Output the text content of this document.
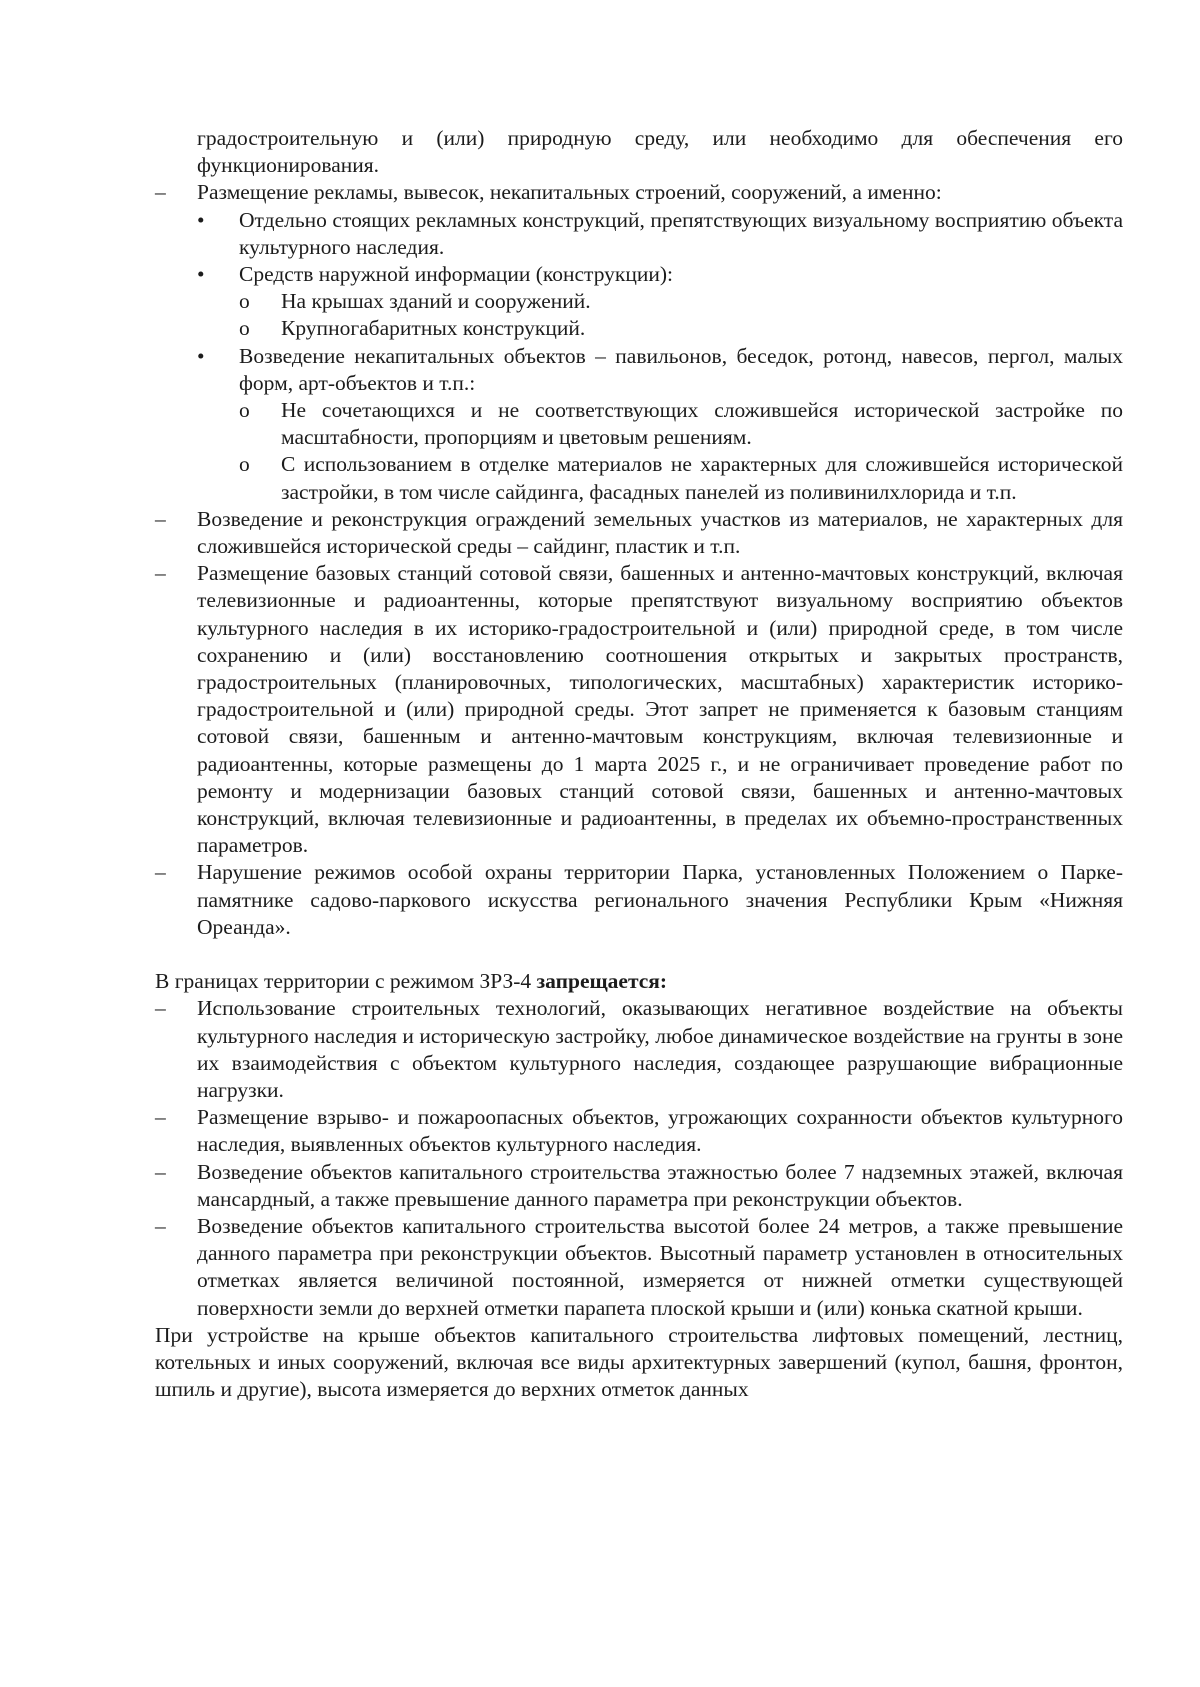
градостроительную и (или) природную среду, или необходимо для обеспечения его функционирования.

– Размещение рекламы, вывесок, некапитальных строений, сооружений, а именно:
• Отдельно стоящих рекламных конструкций, препятствующих визуальному восприятию объекта культурного наследия.
• Средств наружной информации (конструкции):
o На крышах зданий и сооружений.
o Крупногабаритных конструкций.
• Возведение некапитальных объектов – павильонов, беседок, ротонд, навесов, пергол, малых форм, арт-объектов и т.п.:
o Не сочетающихся и не соответствующих сложившейся исторической застройке по масштабности, пропорциям и цветовым решениям.
o С использованием в отделке материалов не характерных для сложившейся исторической застройки, в том числе сайдинга, фасадных панелей из поливинилхлорида и т.п.
– Возведение и реконструкция ограждений земельных участков из материалов, не характерных для сложившейся исторической среды – сайдинг, пластик и т.п.
– Размещение базовых станций сотовой связи, башенных и антенно-мачтовых конструкций, включая телевизионные и радиоантенны, которые препятствуют визуальному восприятию объектов культурного наследия в их историко-градостроительной и (или) природной среде, в том числе сохранению и (или) восстановлению соотношения открытых и закрытых пространств, градостроительных (планировочных, типологических, масштабных) характеристик историко-градостроительной и (или) природной среды. Этот запрет не применяется к базовым станциям сотовой связи, башенным и антенно-мачтовым конструкциям, включая телевизионные и радиоантенны, которые размещены до 1 марта 2025 г., и не ограничивает проведение работ по ремонту и модернизации базовых станций сотовой связи, башенных и антенно-мачтовых конструкций, включая телевизионные и радиоантенны, в пределах их объемно-пространственных параметров.
– Нарушение режимов особой охраны территории Парка, установленных Положением о Парке-памятнике садово-паркового искусства регионального значения Республики Крым «Нижняя Ореанда».

В границах территории с режимом ЗРЗ-4 запрещается:

– Использование строительных технологий, оказывающих негативное воздействие на объекты культурного наследия и историческую застройку, любое динамическое воздействие на грунты в зоне их взаимодействия с объектом культурного наследия, создающее разрушающие вибрационные нагрузки.
– Размещение взрыво- и пожароопасных объектов, угрожающих сохранности объектов культурного наследия, выявленных объектов культурного наследия.
– Возведение объектов капитального строительства этажностью более 7 надземных этажей, включая мансардный, а также превышение данного параметра при реконструкции объектов.
– Возведение объектов капитального строительства высотой более 24 метров, а также превышение данного параметра при реконструкции объектов. Высотный параметр установлен в относительных отметках является величиной постоянной, измеряется от нижней отметки существующей поверхности земли до верхней отметки парапета плоской крыши и (или) конька скатной крыши.

При устройстве на крыше объектов капитального строительства лифтовых помещений, лестниц, котельных и иных сооружений, включая все виды архитектурных завершений (купол, башня, фронтон, шпиль и другие), высота измеряется до верхних отметок данных
